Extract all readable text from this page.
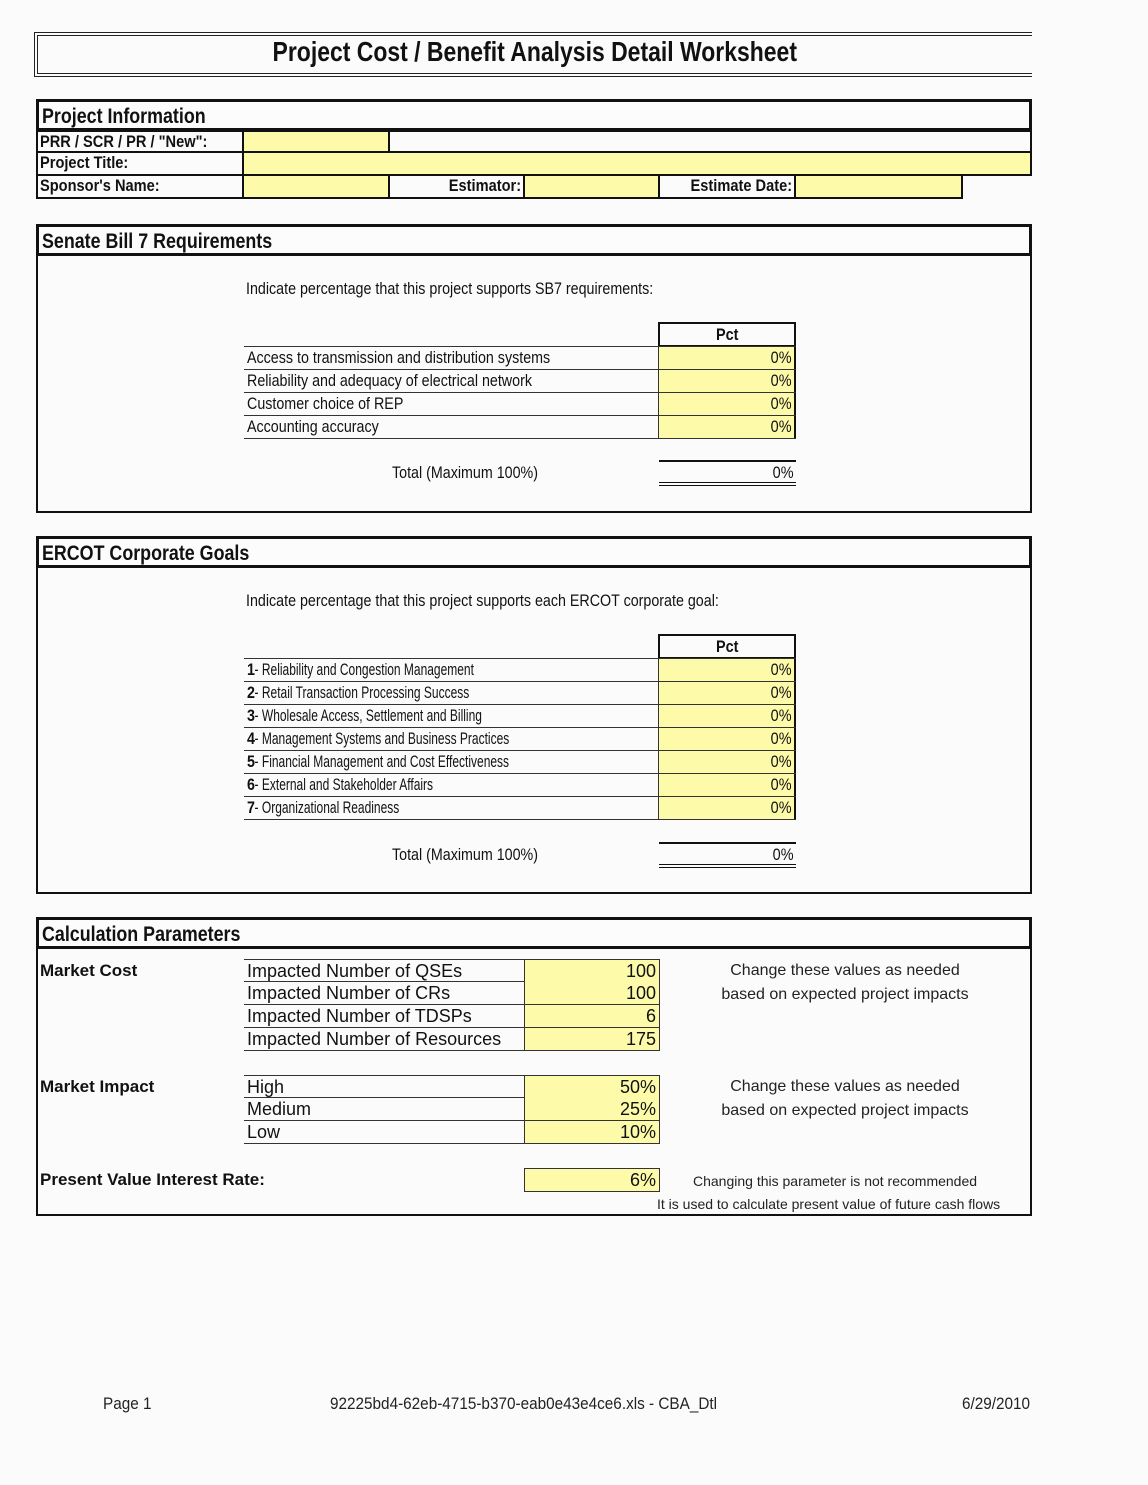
Project Cost / Benefit Analysis Detail Worksheet
Project Information
PRR / SCR / PR / "New":
Project Title:
Sponsor's Name:	Estimator:	Estimate Date:
Senate Bill 7 Requirements
Indicate percentage that this project supports SB7 requirements:
Pct
Access to transmission and distribution systems	0%
Reliability and adequacy of electrical network	0%
Customer choice of REP	0%
Accounting accuracy	0%
Total (Maximum 100%)	0%
ERCOT Corporate Goals
Indicate percentage that this project supports each ERCOT corporate goal:
Pct
1- Reliability and Congestion Management	0%
2- Retail Transaction Processing Success	0%
3- Wholesale Access, Settlement and Billing	0%
4- Management Systems and Business Practices	0%
5- Financial Management and Cost Effectiveness	0%
6- External and Stakeholder Affairs	0%
7- Organizational Readiness	0%
Total (Maximum 100%)	0%
Calculation Parameters
Market Cost	Impacted Number of QSEs	100
Impacted Number of CRs	100
Impacted Number of TDSPs	6
Impacted Number of Resources	175
Change these values as needed
based on expected project impacts
Market Impact	High	50%
Medium	25%
Low	10%
Change these values as needed
based on expected project impacts
Present Value Interest Rate:	6%	Changing this parameter is not recommended
It is used to calculate present value of future cash flows
Page 1	92225bd4-62eb-4715-b370-eab0e43e4ce6.xls - CBA_Dtl	6/29/2010
